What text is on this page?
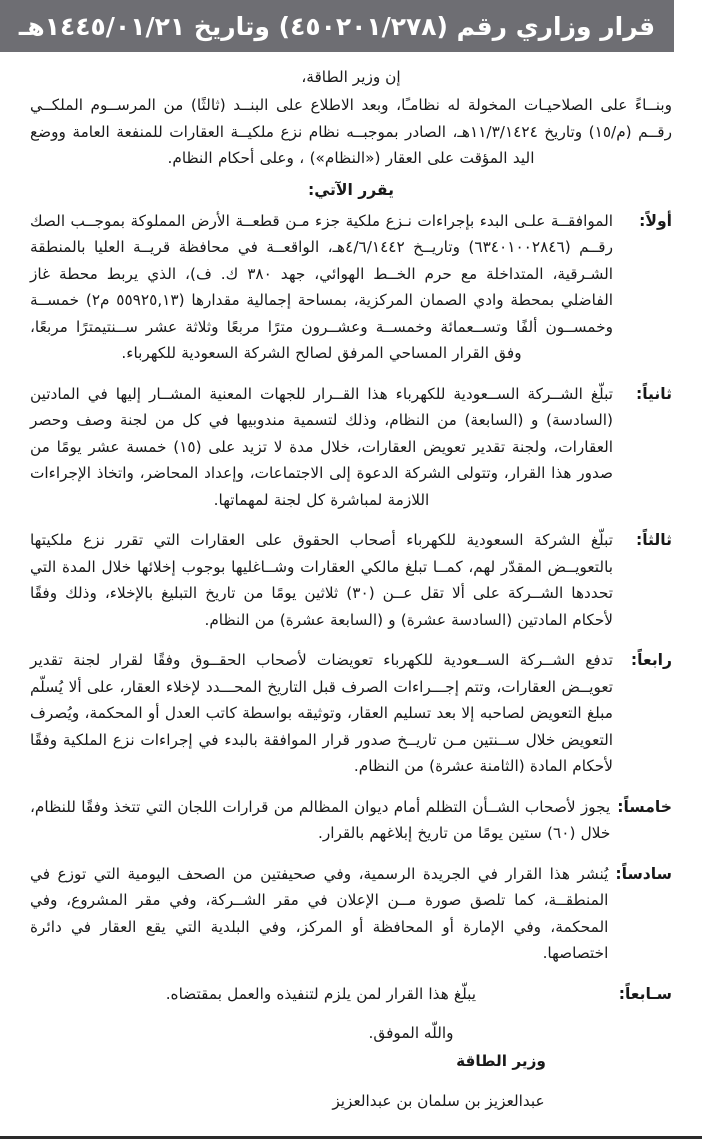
قرار وزاري رقم (٤٥٠٢٠١/٢٧٨) وتاريخ ١٤٤٥/٠١/٢١هـ

إن وزير الطاقة،

وبنــاءً على الصلاحيـات المخولة له نظامـًا، وبعد الاطلاع على البنــد (ثالثًا) من المرســوم الملكــي رقــم (م/١٥) وتاريخ ١١/٣/١٤٢٤هـ، الصادر بموجبــه نظام نزع ملكيــة العقارات للمنفعة العامة ووضع اليد المؤقت على العقار («النظام») ، وعلى أحكام النظام.

يقرر الآتي:

أولاً:
الموافقــة علـى البدء بإجراءات نـزع ملكية جزء مـن قطعــة الأرض المملوكة بموجــب الصك رقــم (٦٣٤٠١٠٠٢٨٤٦) وتاريــخ ٤/٦/١٤٤٢هـ، الواقعــة في محافظة قريــة العليا بالمنطقة الشـرقية، المتداخلة مع حرم الخــط الهوائي، جهد ٣٨٠ ك. ف)، الذي يربط محطة غاز الفاضلي بمحطة وادي الصمان المركزية، بمساحة إجمالية مقدارها (٥٥٩٢٥,١٣ م٢) خمســة وخمســون ألفًا وتســعمائة وخمســة وعشــرون مترًا مربعًا وثلاثة عشر ســنتيمترًا مربعًا، وفق القرار المساحي المرفق لصالح الشركة السعودية للكهرباء.
ثانياً:
تبلّغ الشــركة الســعودية للكهرباء هذا القــرار للجهات المعنية المشــار إليها في المادتين (السادسة) و (السابعة) من النظام، وذلك لتسمية مندوبيها في كل من لجنة وصف وحصر العقارات، ولجنة تقدير تعويض العقارات، خلال مدة لا تزيد على (١٥) خمسة عشر يومًا من صدور هذا القرار، وتتولى الشركة الدعوة إلى الاجتماعات، وإعداد المحاضر، واتخاذ الإجراءات اللازمة لمباشرة كل لجنة لمهماتها.
ثالثاً:
تبلّغ الشركة السعودية للكهرباء أصحاب الحقوق على العقارات التي تقرر نزع ملكيتها بالتعويــض المقدّر لهم، كمــا تبلغ مالكي العقارات وشــاغليها بوجوب إخلائها خلال المدة التي تحددها الشــركة على ألا تقل عــن (٣٠) ثلاثين يومًا من تاريخ التبليغ بالإخلاء، وذلك وفقًا لأحكام المادتين (السادسة عشرة) و (السابعة عشرة) من النظام.
رابعاً:
تدفع الشــركة الســعودية للكهرباء تعويضات لأصحاب الحقــوق وفقًا لقرار لجنة تقدير تعويــض العقارات، وتتم إجـــراءات الصرف قبل التاريخ المحـــدد لإخلاء العقار، على ألا يُسلّم مبلغ التعويض لصاحبه إلا بعد تسليم العقار، وتوثيقه بواسطة كاتب العدل أو المحكمة، ويُصرف التعويض خلال ســنتين مـن تاريــخ صدور قرار الموافقة بالبدء في إجراءات نزع الملكية وفقًا لأحكام المادة (الثامنة عشرة) من النظام.
خامساً:
يجوز لأصحاب الشــأن التظلم أمام ديوان المظالم من قرارات اللجان التي تتخذ وفقًا للنظام، خلال (٦٠) ستين يومًا من تاريخ إبلاغهم بالقرار.
سادساً:
يُنشر هذا القرار في الجريدة الرسمية، وفي صحيفتين من الصحف اليومية التي توزع في المنطقــة، كما تلصق صورة مــن الإعلان في مقر الشــركة، وفي مقر المشروع، وفي المحكمة، وفي الإمارة أو المحافظة أو المركز، وفي البلدية التي يقع العقار في دائرة اختصاصها.
سـابعاً:
يبلّغ هذا القرار لمن يلزم لتنفيذه والعمل بمقتضاه.

واللّه الموفق.

وزير الطاقة

عبدالعزيز بن سلمان بن عبدالعزيز
